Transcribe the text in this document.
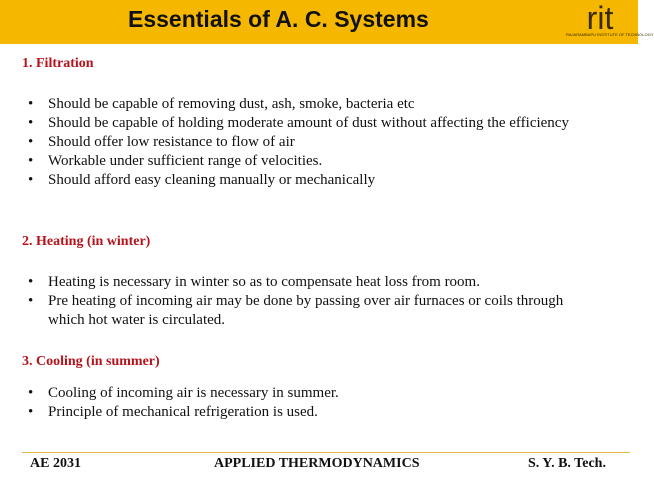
Essentials of A. C. Systems	rit
RAJARAMBAPU INSTITUTE OF TECHNOLOGY
1. Filtration
• Should be capable of removing dust, ash, smoke, bacteria etc
• Should be capable of holding moderate amount of dust without affecting the efficiency
• Should offer low resistance to flow of air
• Workable under sufficient range of velocities.
• Should afford easy cleaning manually or mechanically
2. Heating (in winter)
• Heating is necessary in winter so as to compensate heat loss from room.
• Pre heating of incoming air may be done by passing over air furnaces or coils through which hot water is circulated.
3. Cooling (in summer)
• Cooling of incoming air is necessary in summer.
• Principle of mechanical refrigeration is used.
AE 2031	APPLIED THERMODYNAMICS	S. Y. B. Tech.
